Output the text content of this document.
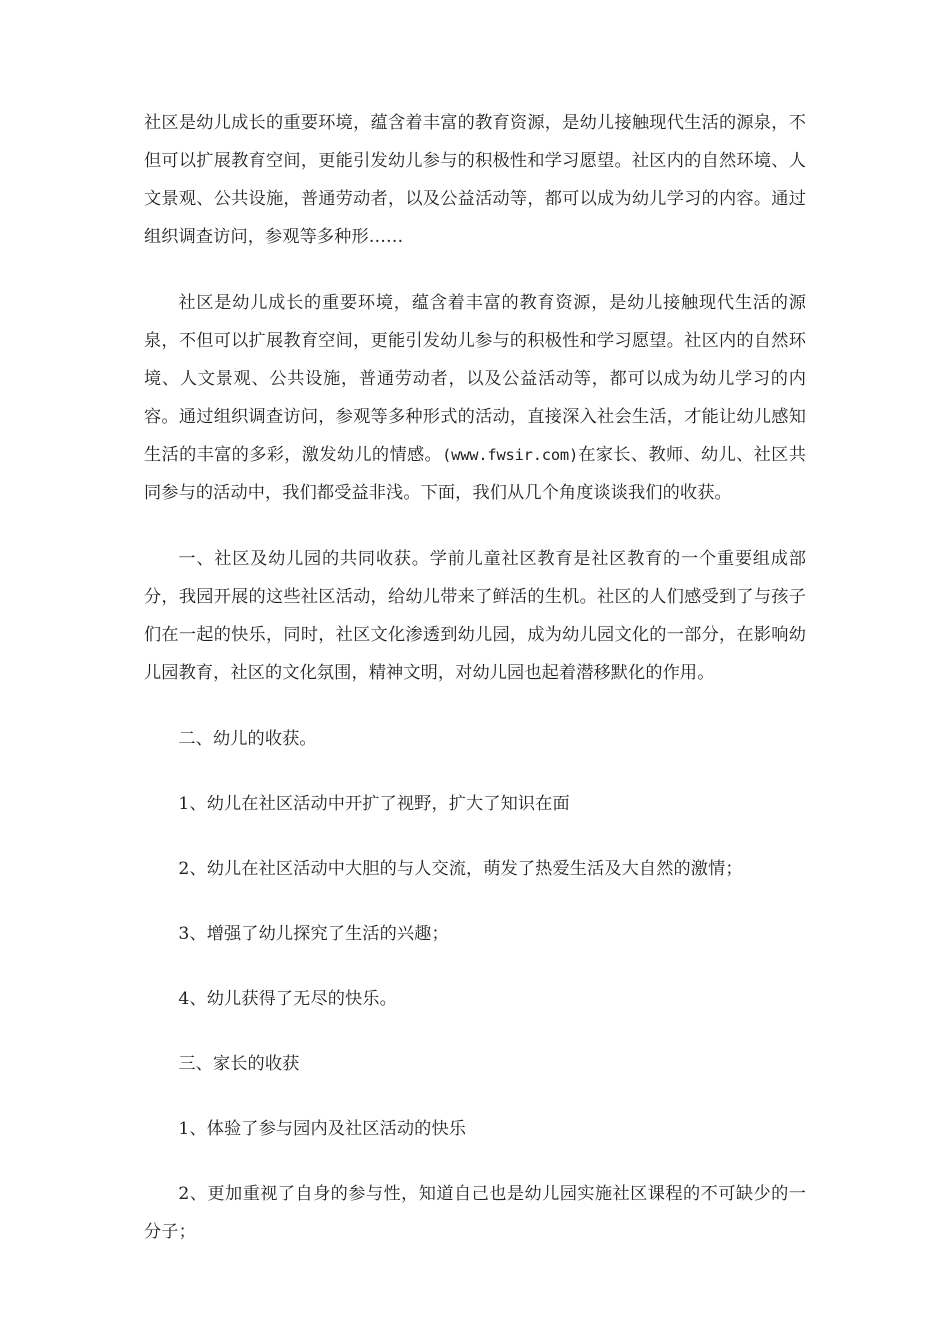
社区是幼儿成长的重要环境，蕴含着丰富的教育资源，是幼儿接触现代生活的源泉，不但可以扩展教育空间，更能引发幼儿参与的积极性和学习愿望。社区内的自然环境、人文景观、公共设施，普通劳动者，以及公益活动等，都可以成为幼儿学习的内容。通过组织调查访问，参观等多种形……

社区是幼儿成长的重要环境，蕴含着丰富的教育资源，是幼儿接触现代生活的源泉，不但可以扩展教育空间，更能引发幼儿参与的积极性和学习愿望。社区内的自然环境、人文景观、公共设施，普通劳动者，以及公益活动等，都可以成为幼儿学习的内容。通过组织调查访问，参观等多种形式的活动，直接深入社会生活，才能让幼儿感知生活的丰富的多彩，激发幼儿的情感。(www.fwsir.com)在家长、教师、幼儿、社区共同参与的活动中，我们都受益非浅。下面，我们从几个角度谈谈我们的收获。

一、社区及幼儿园的共同收获。学前儿童社区教育是社区教育的一个重要组成部分，我园开展的这些社区活动，给幼儿带来了鲜活的生机。社区的人们感受到了与孩子们在一起的快乐，同时，社区文化渗透到幼儿园，成为幼儿园文化的一部分，在影响幼儿园教育，社区的文化氛围，精神文明，对幼儿园也起着潜移默化的作用。

二、幼儿的收获。

1、幼儿在社区活动中开扩了视野，扩大了知识在面

2、幼儿在社区活动中大胆的与人交流，萌发了热爱生活及大自然的激情；

3、增强了幼儿探究了生活的兴趣；

4、幼儿获得了无尽的快乐。

三、家长的收获

1、体验了参与园内及社区活动的快乐

2、更加重视了自身的参与性，知道自己也是幼儿园实施社区课程的不可缺少的一分子；
